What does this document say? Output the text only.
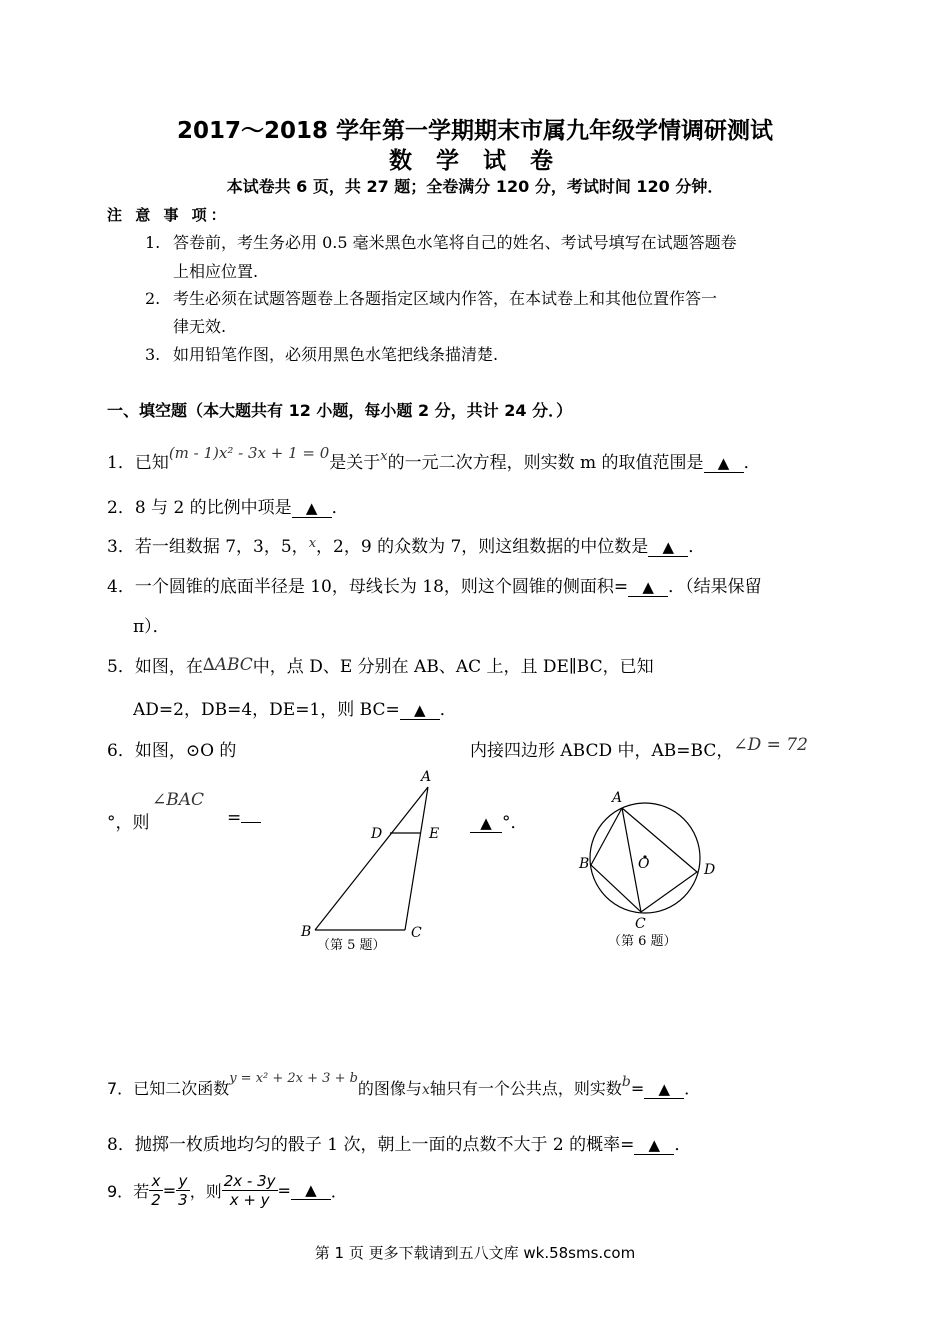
2017～2018 学年第一学期期末市属九年级学情调研测试
数 学 试 卷
本试卷共 6 页，共 27 题；全卷满分 120 分，考试时间 120 分钟．
注 意 事 项：
1. 答卷前，考生务必用 0.5 毫米黑色水笔将自己的姓名、考试号填写在试题答题卷
上相应位置.
2. 考生必须在试题答题卷上各题指定区域内作答，在本试卷上和其他位置作答一
律无效.
3. 如用铅笔作图，必须用黑色水笔把线条描清楚.
一、填空题（本大题共有 12 小题，每小题 2 分，共计 24 分．）
1．已知(m - 1)x² - 3x + 1 = 0是关于$^x$的一元二次方程，则实数 m 的取值范围是 ▲ ．
2．8 与 2 的比例中项是 ▲ ．
3．若一组数据 7，3，5，$^x$，2，9 的众数为 7，则这组数据的中位数是 ▲ ．
4．一个圆锥的底面半径是 10，母线长为 18，则这个圆锥的侧面积= ▲ ．（结果保留
π）．
5．如图，在∆ABC中，点 D、E 分别在 AB、AC 上，且 DE∥BC，已知
AD=2，DB=4，DE=1，则 BC= ▲ ．
6．如图，⊙O 的	内接四边形 ABCD 中，AB=BC，∠D = 72
°，则
∠BAC
=	▲ °．
A
B	C
D	E
（第 5 题）
A
B
C
D
O
（第 6 题）
7．已知二次函数$^{y = x^2 + 2x + 3 + b}$的图像与x轴只有一个公共点，则实数b= ▲ ．
8．抛掷一枚质地均匀的骰子 1 次，朝上一面的点数不大于 2 的概率= ▲ ．
9．若 $\frac{x}{2} = \frac{y}{3}$ ，则 $\frac{2x - 3y}{x + y}$ = ▲ ．
第 1 页 更多下载请到五八文库 wk.58sms.com
